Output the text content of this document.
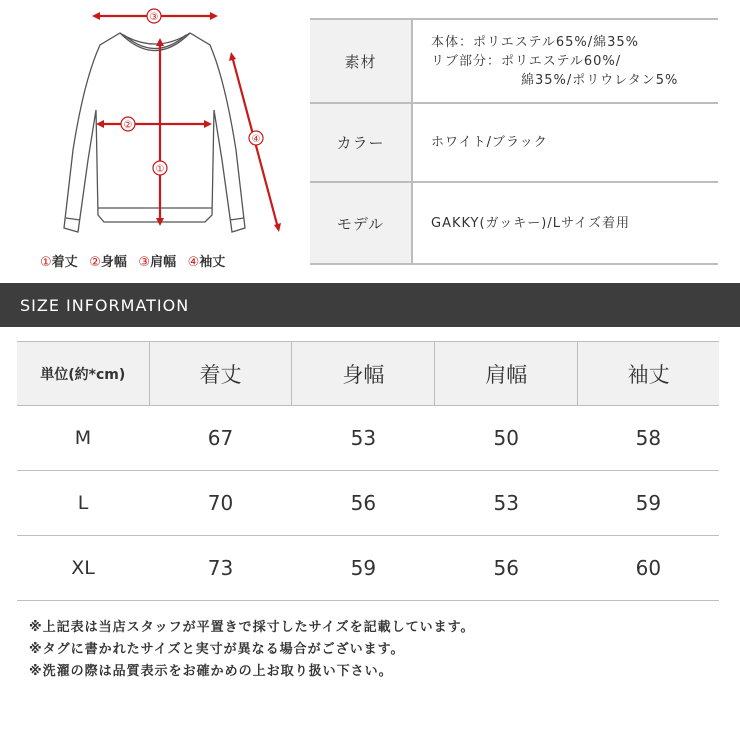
③
②
①
④
①着丈 ②身幅 ③肩幅 ④袖丈
素材
本体：ポリエステル65%/綿35%
リブ部分：ポリエステル60%/
綿35%/ポリウレタン5%
カラー	ホワイト/ブラック
モデル	GAKKY(ガッキー)/Lサイズ着用
SIZE INFORMATION
単位(約*cm)	着丈	身幅	肩幅	袖丈
M	67	53	50	58
L	70	56	53	59
XL	73	59	56	60
※上記表は当店スタッフが平置きで採寸したサイズを記載しています。
※タグに書かれたサイズと実寸が異なる場合がございます。
※洗濯の際は品質表示をお確かめの上お取り扱い下さい。
